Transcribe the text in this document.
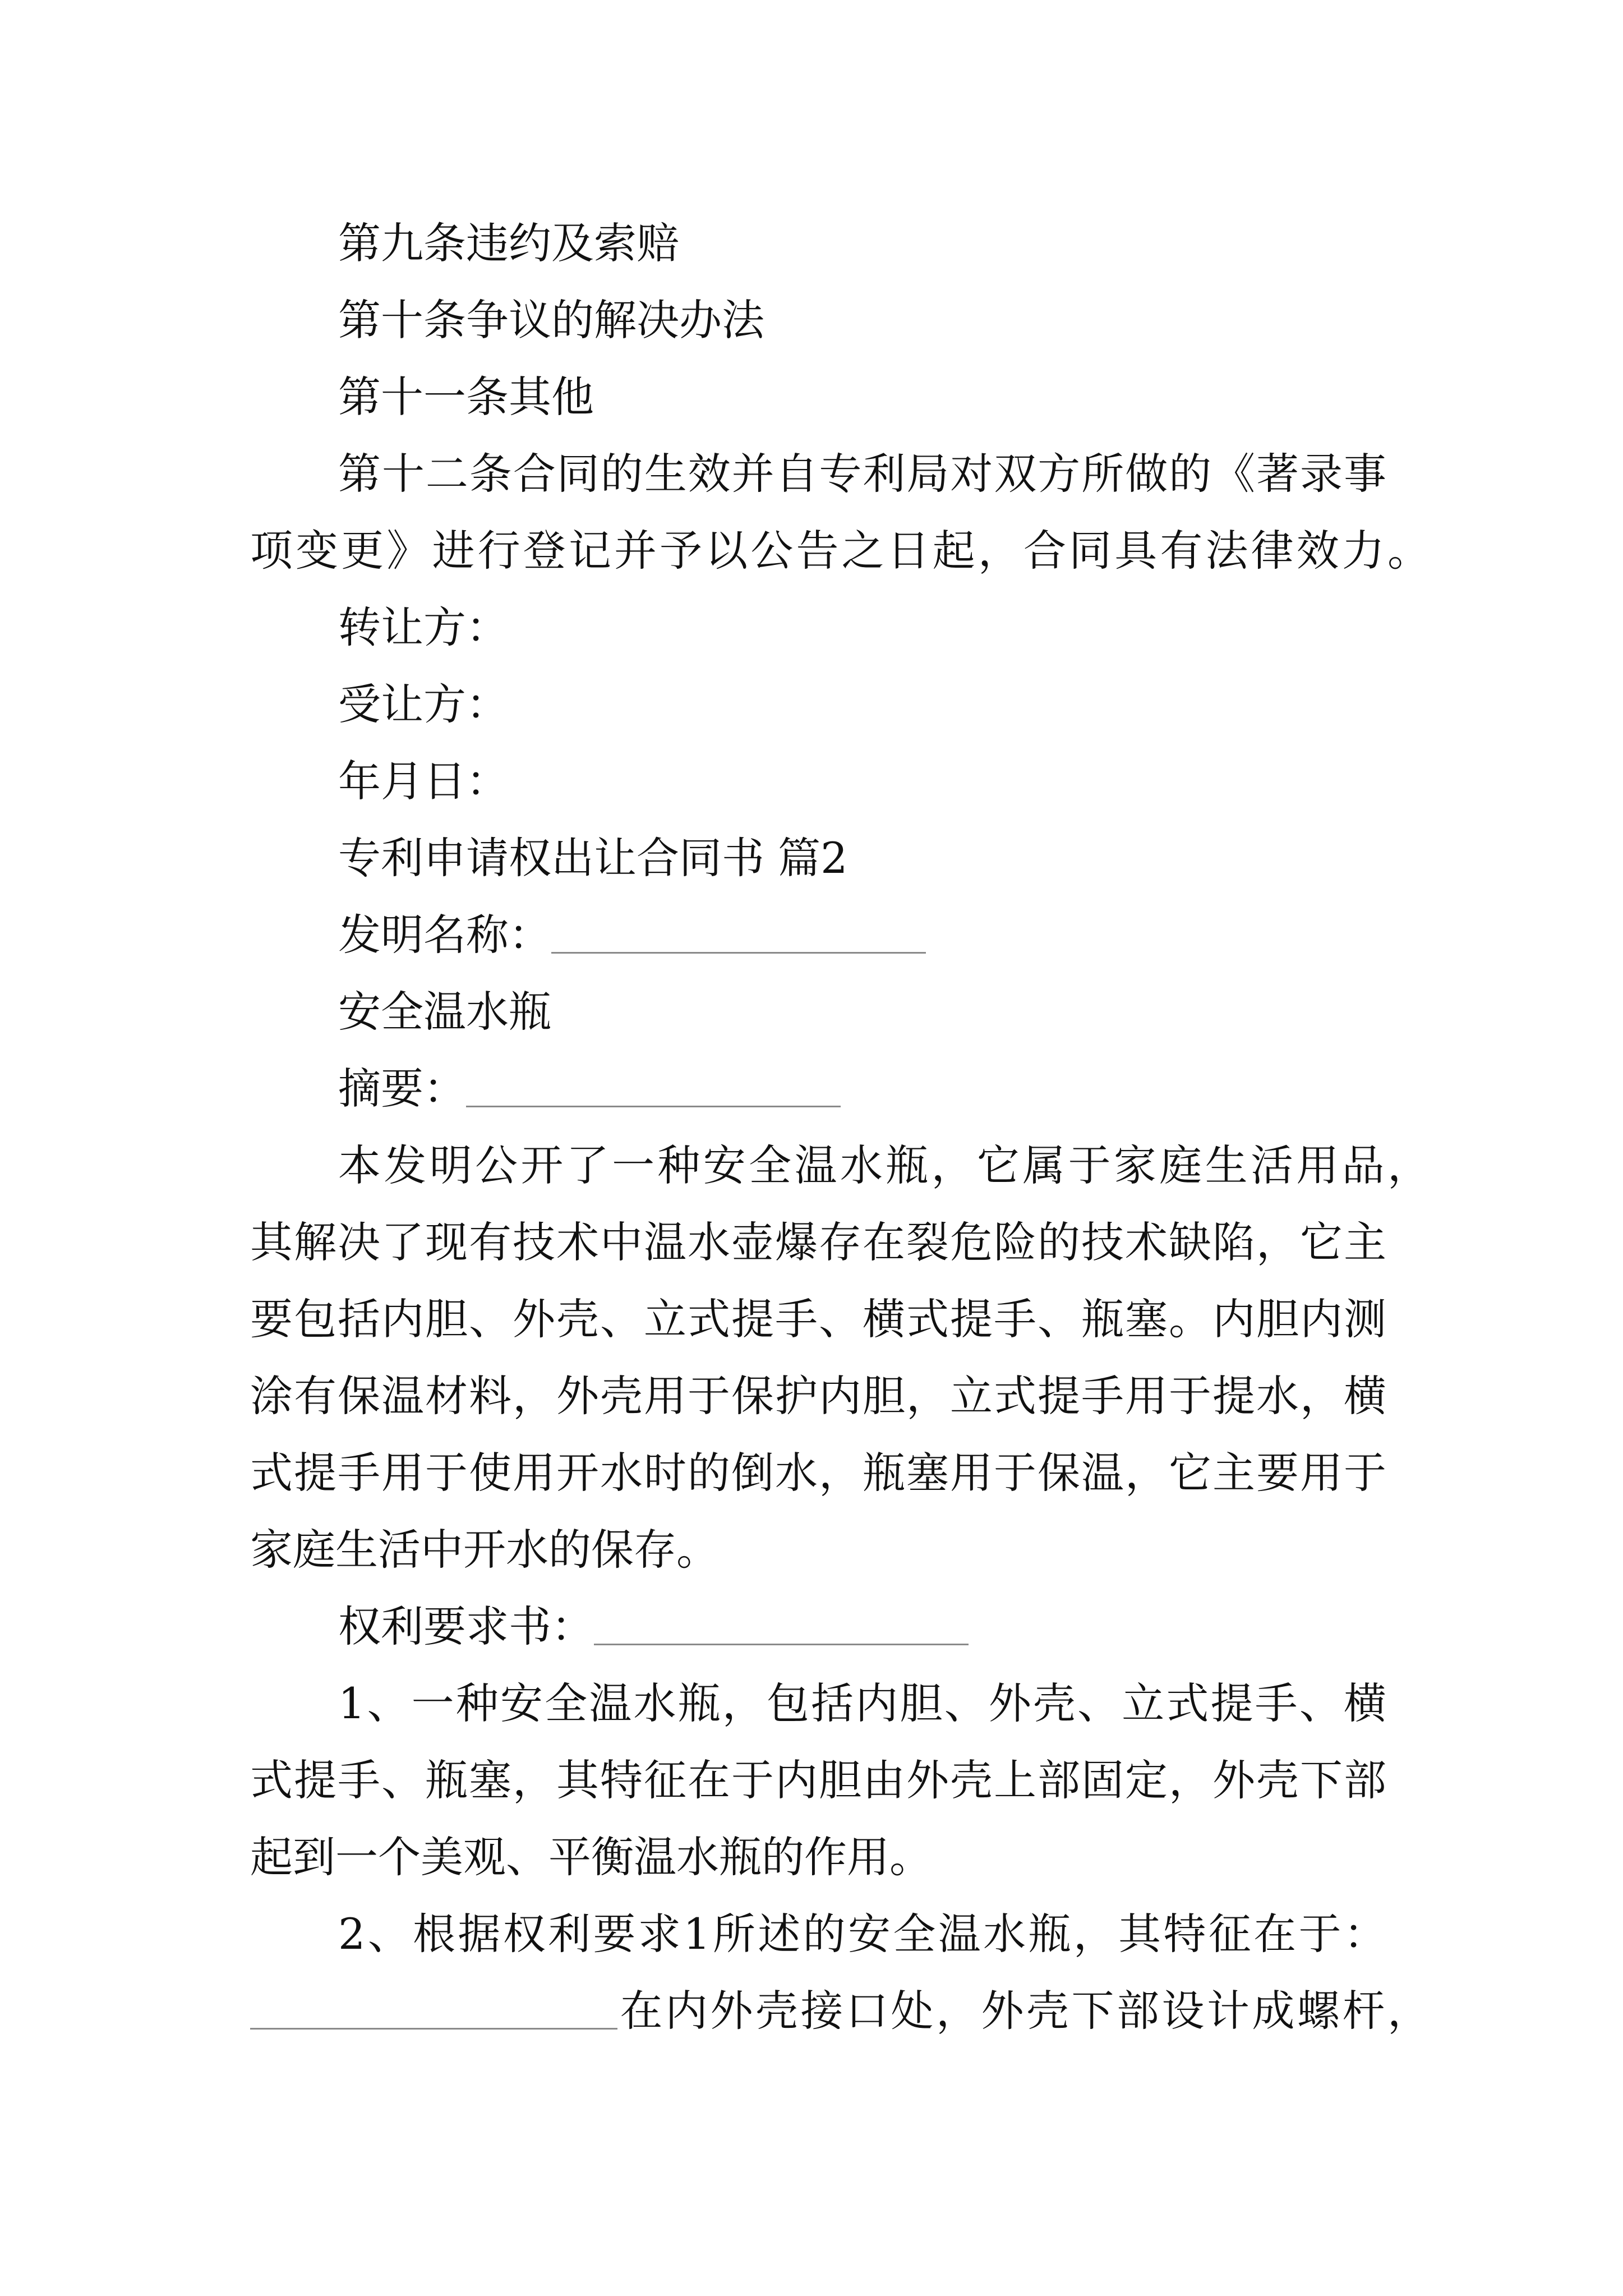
第九条违约及索赔
第十条争议的解决办法
第十一条其他
第十二条合同的生效并自专利局对双方所做的《著录事
项变更》进行登记并予以公告之日起，合同具有法律效力。
转让方：
受让方：
年月日：
专利申请权出让合同书 篇2
发明名称：
安全温水瓶
摘要：
本发明公开了一种安全温水瓶，它属于家庭生活用品，
其解决了现有技术中温水壶爆存在裂危险的技术缺陷，它主
要包括内胆、外壳、立式提手、横式提手、瓶塞。内胆内测
涂有保温材料，外壳用于保护内胆，立式提手用于提水，横
式提手用于使用开水时的倒水，瓶塞用于保温，它主要用于
家庭生活中开水的保存。
权利要求书：
1、一种安全温水瓶，包括内胆、外壳、立式提手、横
式提手、瓶塞，其特征在于内胆由外壳上部固定，外壳下部
起到一个美观、平衡温水瓶的作用。
2、根据权利要求1所述的安全温水瓶，其特征在于：
在内外壳接口处，外壳下部设计成螺杆，
